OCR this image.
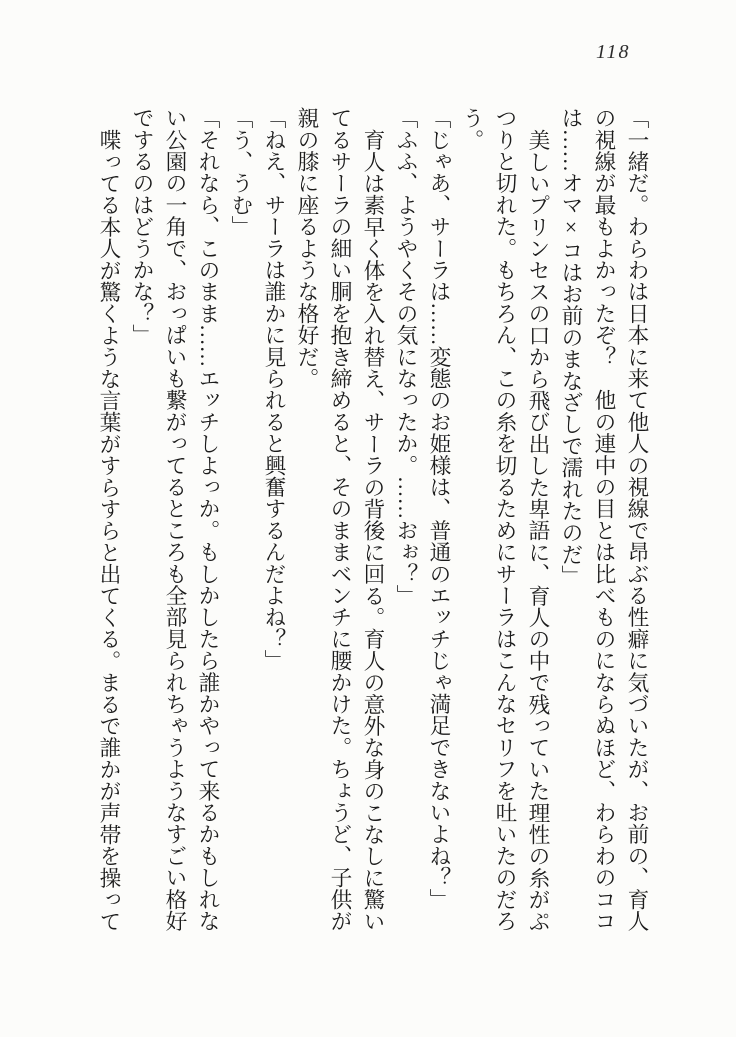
118

「一緒だ。わらわは日本に来て他人の視線で昂ぶる性癖に気づいたが、お前の、育人の視線が最もよかったぞ？　他の連中の目とは比べものにならぬほど、わらわのココは……オマ×コはお前のまなざしで濡れたのだ」

美しいプリンセスの口から飛び出した卑語に、育人の中で残っていた理性の糸がぷつりと切れた。もちろん、この糸を切るためにサーラはこんなセリフを吐いたのだろう。

「じゃあ、サーラは……変態のお姫様は、普通のエッチじゃ満足できないよね？」

「ふふ、ようやくその気になったか。……おぉ？」

育人は素早く体を入れ替え、サーラの背後に回る。育人の意外な身のこなしに驚いてるサーラの細い胴を抱き締めると、そのままベンチに腰かけた。ちょうど、子供が親の膝に座るような格好だ。

「ねえ、サーラは誰かに見られると興奮するんだよね？」

「う、うむ」

「それなら、このまま……エッチしよっか。もしかしたら誰かやって来るかもしれない公園の一角で、おっぱいも繋がってるところも全部見られちゃうようなすごい格好でするのはどうかな？」

喋ってる本人が驚くような言葉がすらすらと出てくる。まるで誰かが声帯を操って
